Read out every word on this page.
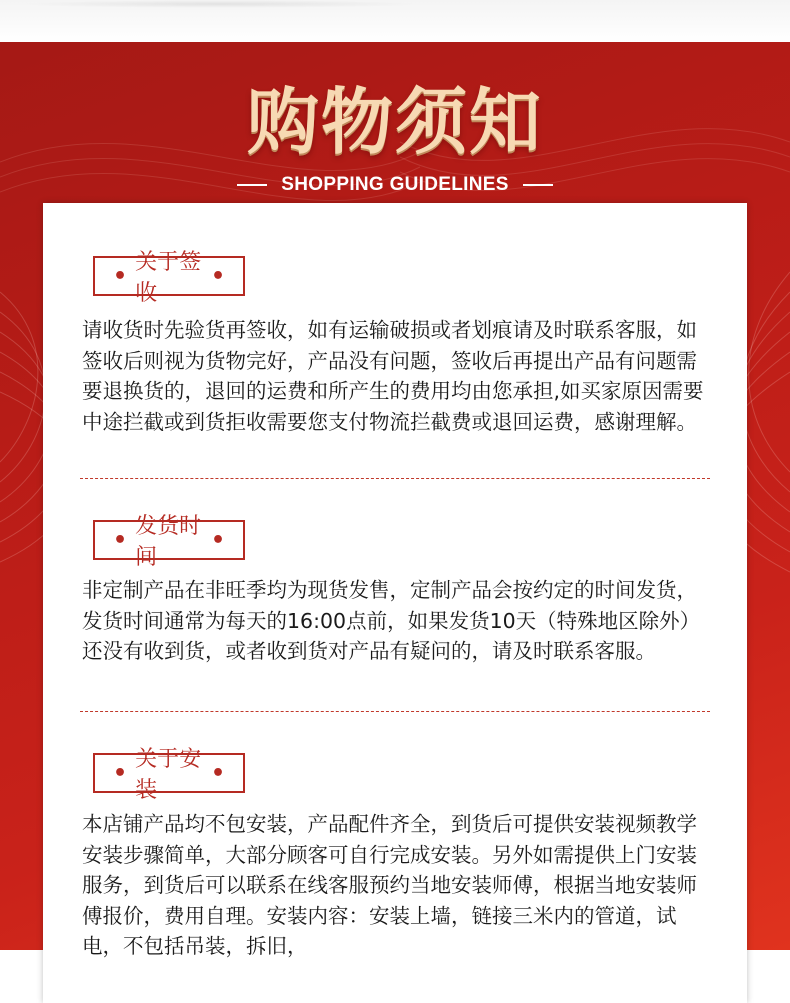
购物须知
SHOPPING GUIDELINES
•
关于签收
•
请收货时先验货再签收，如有运输破损或者划痕请及时联系客服，如签收后则视为货物完好，产品没有问题，签收后再提出产品有问题需要退换货的，退回的运费和所产生的费用均由您承担,如买家原因需要中途拦截或到货拒收需要您支付物流拦截费或退回运费，感谢理解。
•
发货时间
•
非定制产品在非旺季均为现货发售，定制产品会按约定的时间发货，发货时间通常为每天的16:00点前，如果发货10天（特殊地区除外）还没有收到货，或者收到货对产品有疑问的，请及时联系客服。
•
关于安装
•
本店铺产品均不包安装，产品配件齐全，到货后可提供安装视频教学安装步骤简单，大部分顾客可自行完成安装。另外如需提供上门安装服务，到货后可以联系在线客服预约当地安装师傅，根据当地安装师傅报价，费用自理。安装内容：安装上墙，链接三米内的管道，试电，不包括吊装，拆旧，
